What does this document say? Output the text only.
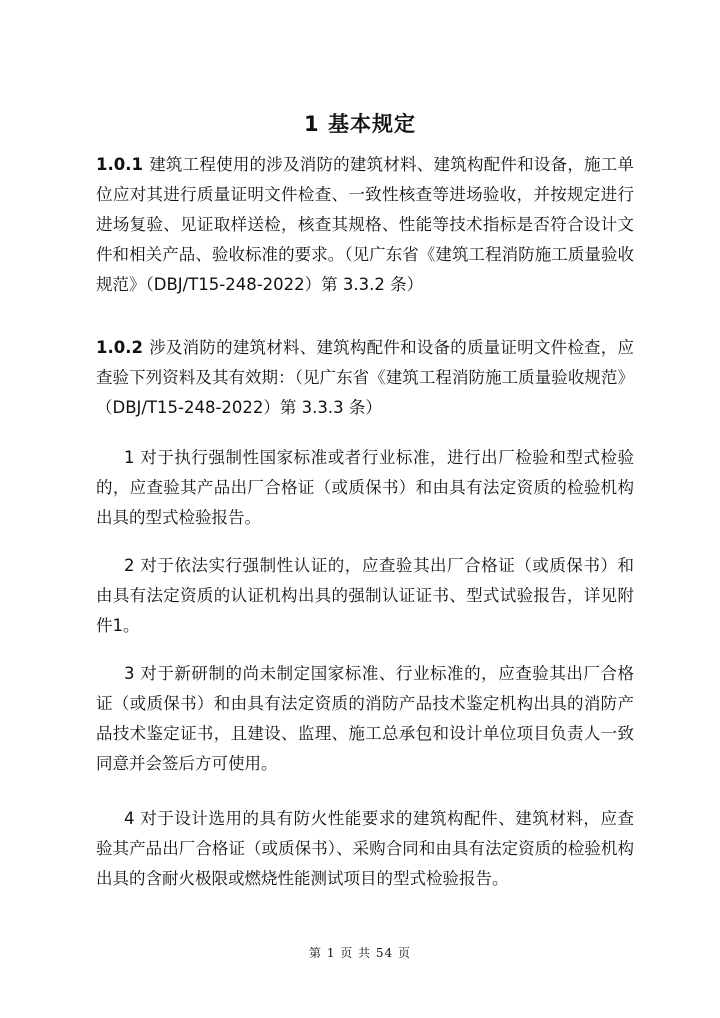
1 基本规定

1.0.1 建筑工程使用的涉及消防的建筑材料、建筑构配件和设备，施工单位应对其进行质量证明文件检查、一致性核查等进场验收，并按规定进行进场复验、见证取样送检，核查其规格、性能等技术指标是否符合设计文件和相关产品、验收标准的要求。（见广东省《建筑工程消防施工质量验收规范》（DBJ/T15-248-2022）第 3.3.2 条）

1.0.2 涉及消防的建筑材料、建筑构配件和设备的质量证明文件检查，应查验下列资料及其有效期：（见广东省《建筑工程消防施工质量验收规范》（DBJ/T15-248-2022）第 3.3.3 条）

1 对于执行强制性国家标准或者行业标准，进行出厂检验和型式检验的，应查验其产品出厂合格证（或质保书）和由具有法定资质的检验机构出具的型式检验报告。

2 对于依法实行强制性认证的，应查验其出厂合格证（或质保书）和由具有法定资质的认证机构出具的强制认证证书、型式试验报告，详见附件1。

3 对于新研制的尚未制定国家标准、行业标准的，应查验其出厂合格证（或质保书）和由具有法定资质的消防产品技术鉴定机构出具的消防产品技术鉴定证书，且建设、监理、施工总承包和设计单位项目负责人一致同意并会签后方可使用。

4 对于设计选用的具有防火性能要求的建筑构配件、建筑材料，应查验其产品出厂合格证（或质保书）、采购合同和由具有法定资质的检验机构出具的含耐火极限或燃烧性能测试项目的型式检验报告。

第 1 页 共 54 页
